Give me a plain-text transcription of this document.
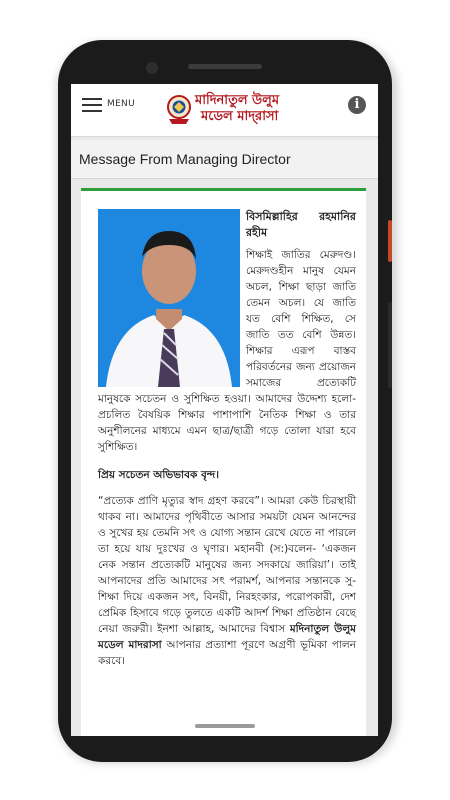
MENU	মাদিনাতুল উলুম
মডেল মাদ্‌রাসা
i
Message From Managing Director
বিসমিল্লাহির রহমানির রহীম
শিক্ষাই জাতির মেরুদণ্ড। মেরুদণ্ডহীন মানুষ যেমন অচল, শিক্ষা ছাড়া জাতি তেমন অচল। যে জাতি যত বেশি শিক্ষিত, সে জাতি তত বেশি উন্নত। শিক্ষার এরূপ বাস্তব পরিবর্তনের জন্য প্রয়োজন সমাজের প্রত্যেকটি মানুষকে সচেতন ও সুশিক্ষিত হওয়া। আমাদের উদ্দেশ্য হলো- প্রচলিত বৈষয়িক শিক্ষার পাশাপাশি নৈতিক শিক্ষা ও তার অনুশীলনের মাধ্যমে এমন ছাত্র/ছাত্রী গড়ে তোলা যারা হবে সুশিক্ষিত।
প্রিয় সচেতন অভিভাবক বৃন্দ।

“প্রত্যেক প্রাণি মৃত্যুর স্বাদ গ্রহণ করবে”। আমরা কেউ চিরস্থায়ী থাকব না। আমাদের পৃথিবীতে আসার সময়টা যেমন আনন্দের ও সুখের হয় তেমনি সৎ ও যোগ্য সন্তান রেখে যেতে না পারলে তা হয়ে যায় দুঃখের ও ঘৃণার। মহানবী (স:)বলেন- ‘একজন নেক সন্তান প্রত্যেকটি মানুষের জন্য সদকায়ে জারিয়া’। তাই আপনাদের প্রতি আমাদের সৎ পরামর্শ, আপনার সন্তানকে সু- শিক্ষা দিয়ে একজন সৎ, বিনয়ী, নিরহংকার, পরোপকারী, দেশ প্রেমিক হিসাবে গড়ে তুলতে একটি আদর্শ শিক্ষা প্রতিষ্ঠান বেছে নেয়া জরুরী। ইনশা আল্লাহ, আমাদের বিশ্বাস মদিনাতুল উলুম মডেল মাদরাসা আপনার প্রত্যাশা পূরণে অগ্রণী ভূমিকা পালন করবে।
